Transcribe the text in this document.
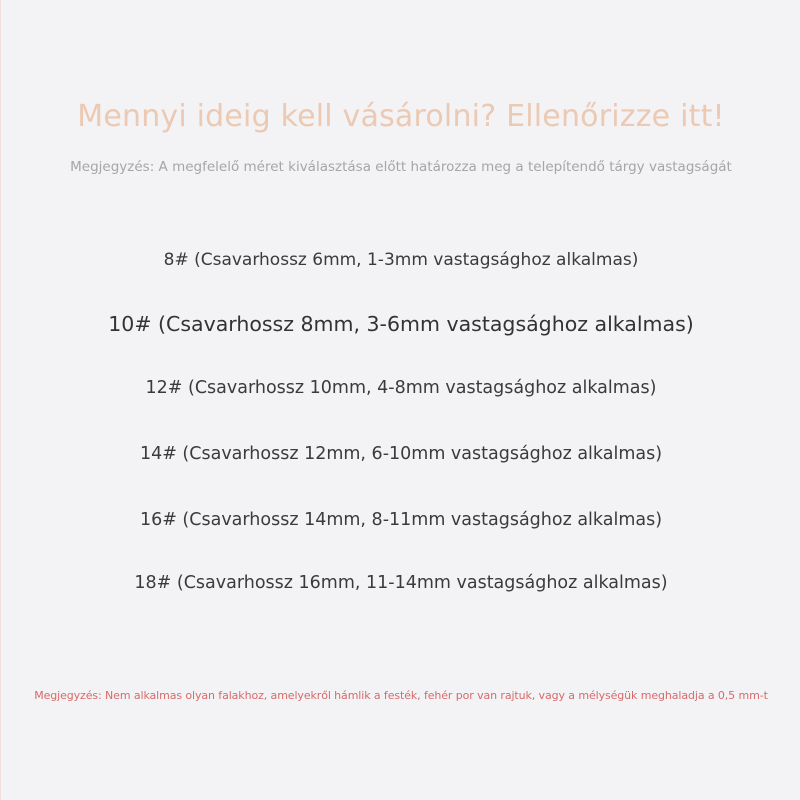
Mennyi ideig kell vásárolni? Ellenőrizze itt!

Megjegyzés: A megfelelő méret kiválasztása előtt határozza meg a telepítendő tárgy vastagságát

8# (Csavarhossz 6mm, 1-3mm vastagsághoz alkalmas)
10# (Csavarhossz 8mm, 3-6mm vastagsághoz alkalmas)
12# (Csavarhossz 10mm, 4-8mm vastagsághoz alkalmas)
14# (Csavarhossz 12mm, 6-10mm vastagsághoz alkalmas)
16# (Csavarhossz 14mm, 8-11mm vastagsághoz alkalmas)
18# (Csavarhossz 16mm, 11-14mm vastagsághoz alkalmas)

Megjegyzés: Nem alkalmas olyan falakhoz, amelyekről hámlik a festék, fehér por van rajtuk, vagy a mélységük meghaladja a 0,5 mm-t
